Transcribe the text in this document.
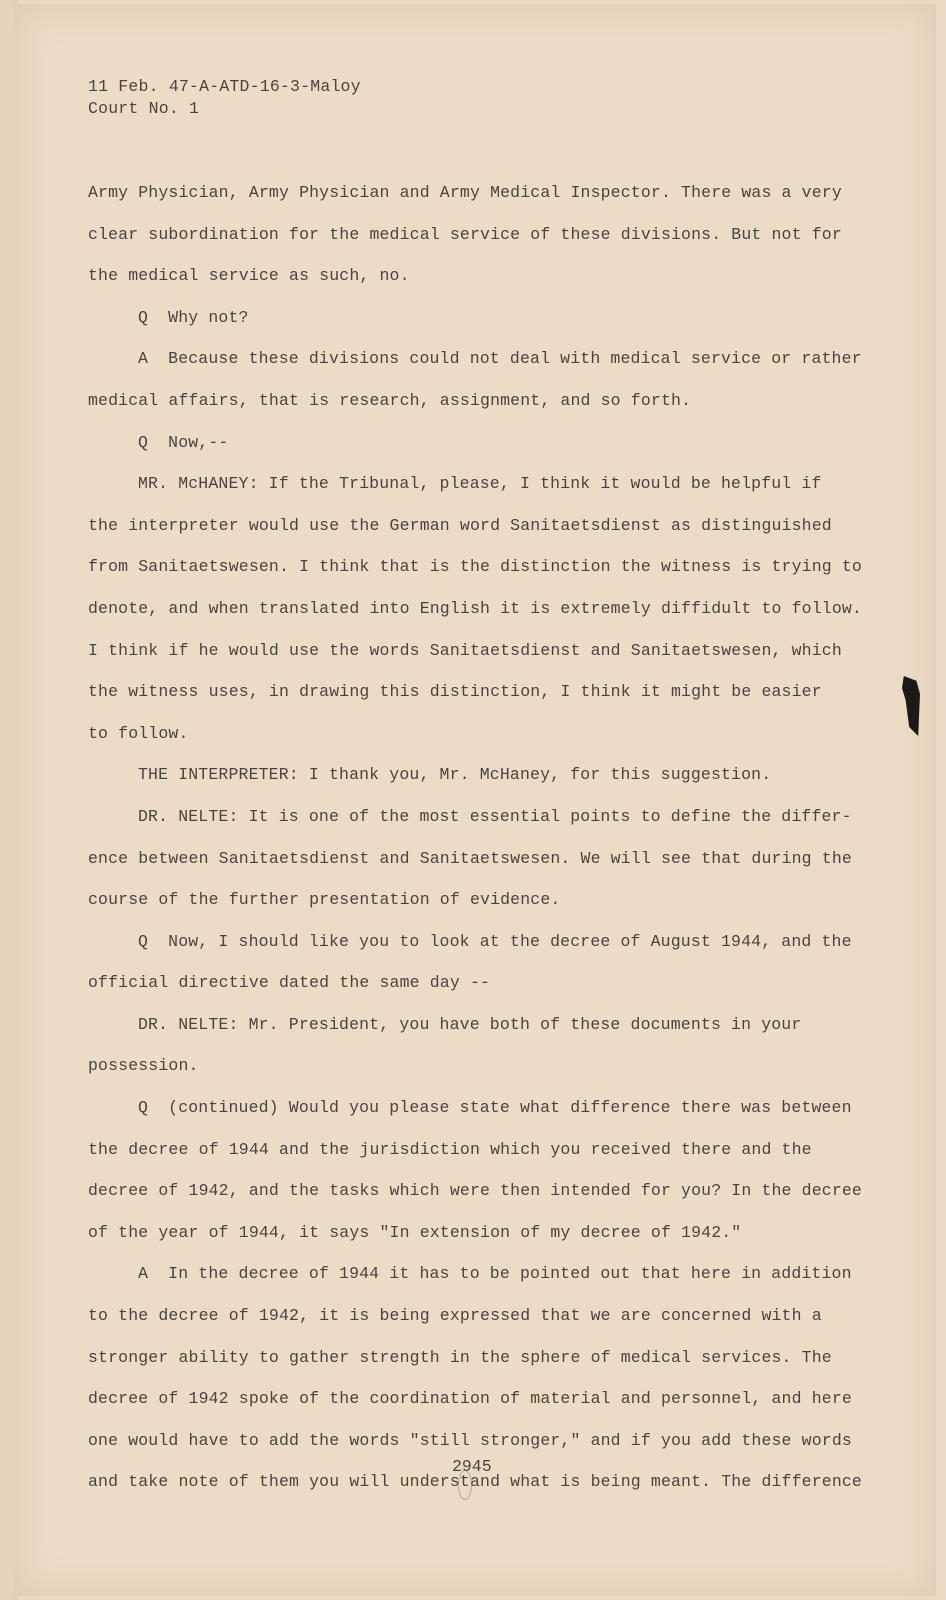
11 Feb. 47-A-ATD-16-3-Maloy
Court No. 1
Army Physician, Army Physician and Army Medical Inspector. There was a very
clear subordination for the medical service of these divisions. But not for
the medical service as such, no.
Q  Why not?
A  Because these divisions could not deal with medical service or rather
medical affairs, that is research, assignment, and so forth.
Q  Now,--
MR. McHANEY: If the Tribunal, please, I think it would be helpful if
the interpreter would use the German word Sanitaetsdienst as distinguished
from Sanitaetswesen. I think that is the distinction the witness is trying to
denote, and when translated into English it is extremely diffidult to follow.
I think if he would use the words Sanitaetsdienst and Sanitaetswesen, which
the witness uses, in drawing this distinction, I think it might be easier
to follow.
THE INTERPRETER: I thank you, Mr. McHaney, for this suggestion.
DR. NELTE: It is one of the most essential points to define the differ-
ence between Sanitaetsdienst and Sanitaetswesen. We will see that during the
course of the further presentation of evidence.
Q  Now, I should like you to look at the decree of August 1944, and the
official directive dated the same day --
DR. NELTE: Mr. President, you have both of these documents in your
possession.
Q  (continued) Would you please state what difference there was between
the decree of 1944 and the jurisdiction which you received there and the
decree of 1942, and the tasks which were then intended for you? In the decree
of the year of 1944, it says "In extension of my decree of 1942."
A  In the decree of 1944 it has to be pointed out that here in addition
to the decree of 1942, it is being expressed that we are concerned with a
stronger ability to gather strength in the sphere of medical services. The
decree of 1942 spoke of the coordination of material and personnel, and here
one would have to add the words "still stronger," and if you add these words
and take note of them you will understand what is being meant. The difference
2945
